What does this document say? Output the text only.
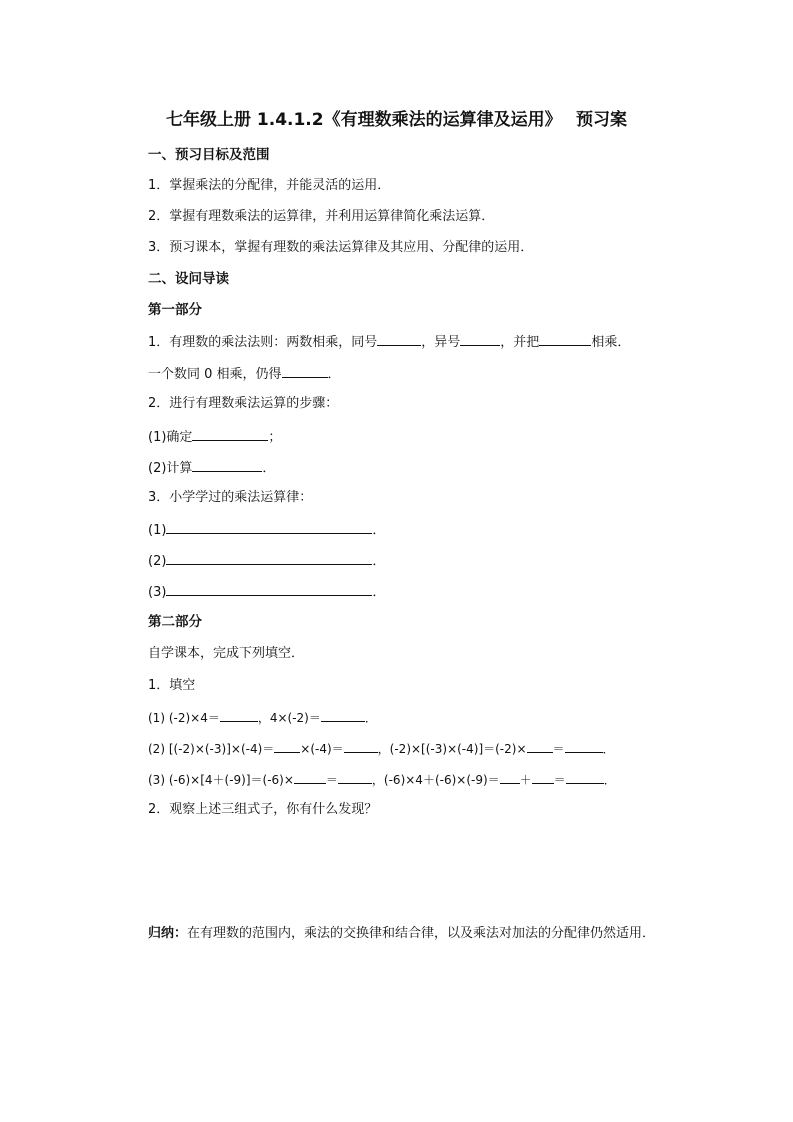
七年级上册 1.4.1.2《有理数乘法的运算律及运用》　 预习案
一、预习目标及范围
1．掌握乘法的分配律，并能灵活的运用．
2．掌握有理数乘法的运算律，并利用运算律简化乘法运算．
3．预习课本，掌握有理数的乘法运算律及其应用、分配律的运用．
二、设问导读
第一部分
1．有理数的乘法法则：两数相乘，同号	，异号	，并把	相乘．
一个数同 0 相乘，仍得	．
2．进行有理数乘法运算的步骤：
(1)确定	；
(2)计算	．
3．小学学过的乘法运算律：
(1)	．
(2)	．
(3)	．
第二部分
自学课本，完成下列填空．
1．填空
(1) (-2)×4＝	，4×(-2)＝	．
(2) [(-2)×(-3)]×(-4)＝ ×(-4)＝	，(-2)×[(-3)×(-4)]＝(-2)× ＝	．
(3) (-6)×[4＋(-9)]＝(-6)×	＝	，(-6)×4＋(-6)×(-9)＝ ＋ ＝	．
2．观察上述三组式子，你有什么发现？
归纳：在有理数的范围内，乘法的交换律和结合律，以及乘法对加法的分配律仍然适用．
